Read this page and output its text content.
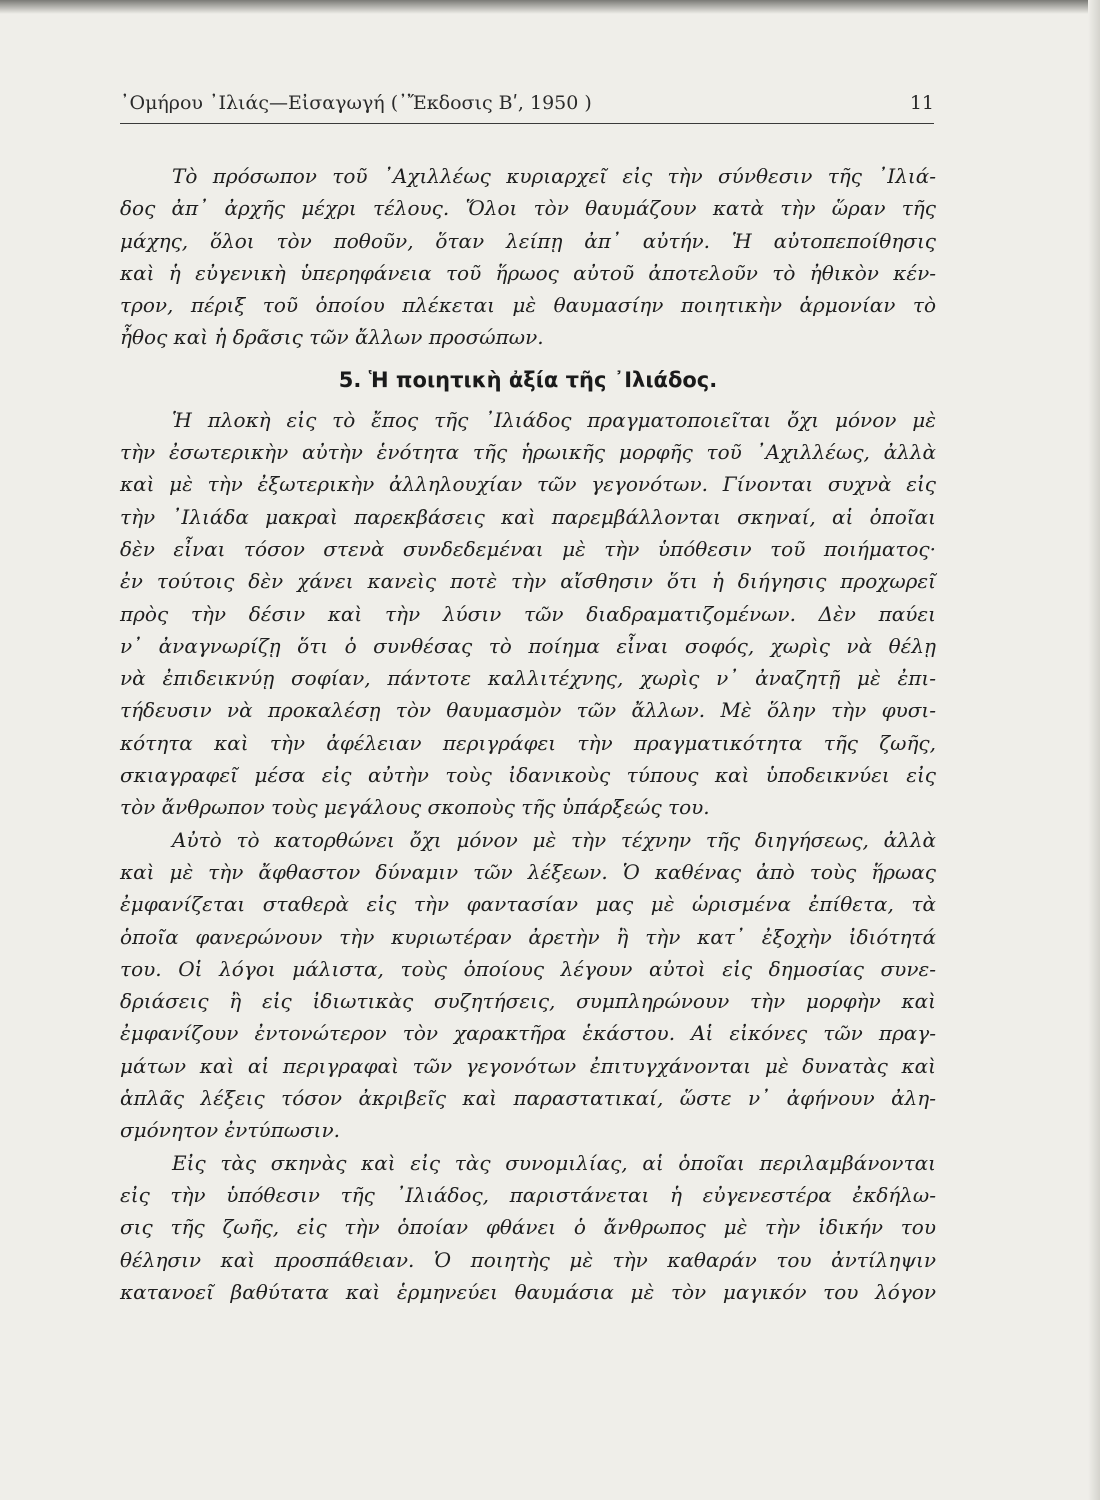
᾿Ομήρου ᾿Ιλιάς—Εἰσαγωγή (᾿Ἔκδοσις Βʹ, 1950 )	11
Τὸ πρόσωπον τοῦ ᾿Αχιλλέως κυριαρχεῖ εἰς τὴν σύνθεσιν τῆς ᾿Ιλιά-
δος ἀπ᾿ ἀρχῆς μέχρι τέλους. Ὅλοι τὸν θαυμάζουν κατὰ τὴν ὥραν τῆς
μάχης, ὅλοι τὸν ποθοῦν, ὅταν λείπῃ ἀπ᾿ αὐτήν. Ἡ αὐτοπεποίθησις
καὶ ἡ εὐγενικὴ ὑπερηφάνεια τοῦ ἥρωος αὐτοῦ ἀποτελοῦν τὸ ἠθικὸν κέν-
τρον, πέριξ τοῦ ὁποίου πλέκεται μὲ θαυμασίην ποιητικὴν ἁρμονίαν τὸ
ἦθος καὶ ἡ δρᾶσις τῶν ἄλλων προσώπων.
5. Ἡ ποιητικὴ ἀξία τῆς ᾿Ιλιάδος.
Ἡ πλοκὴ εἰς τὸ ἔπος τῆς ᾿Ιλιάδος πραγματοποιεῖται ὄχι μόνον μὲ
τὴν ἐσωτερικὴν αὐτὴν ἑνότητα τῆς ἡρωικῆς μορφῆς τοῦ ᾿Αχιλλέως, ἀλλὰ
καὶ μὲ τὴν ἐξωτερικὴν ἀλληλουχίαν τῶν γεγονότων. Γίνονται συχνὰ εἰς
τὴν ᾿Ιλιάδα μακραὶ παρεκβάσεις καὶ παρεμβάλλονται σκηναί, αἱ ὁποῖαι
δὲν εἶναι τόσον στενὰ συνδεδεμέναι μὲ τὴν ὑπόθεσιν τοῦ ποιήματος·
ἐν τούτοις δὲν χάνει κανεὶς ποτὲ τὴν αἴσθησιν ὅτι ἡ διήγησις προχωρεῖ
πρὸς τὴν δέσιν καὶ τὴν λύσιν τῶν διαδραματιζομένων. Δὲν παύει
ν᾿ ἀναγνωρίζῃ ὅτι ὁ συνθέσας τὸ ποίημα εἶναι σοφός, χωρὶς νὰ θέλῃ
νὰ ἐπιδεικνύῃ σοφίαν, πάντοτε καλλιτέχνης, χωρὶς ν᾿ ἀναζητῇ μὲ ἐπι-
τήδευσιν νὰ προκαλέσῃ τὸν θαυμασμὸν τῶν ἄλλων. Μὲ ὅλην τὴν φυσι-
κότητα καὶ τὴν ἀφέλειαν περιγράφει τὴν πραγματικότητα τῆς ζωῆς,
σκιαγραφεῖ μέσα εἰς αὐτὴν τοὺς ἰδανικοὺς τύπους καὶ ὑποδεικνύει εἰς
τὸν ἄνθρωπον τοὺς μεγάλους σκοποὺς τῆς ὑπάρξεώς του.
Αὐτὸ τὸ κατορθώνει ὄχι μόνον μὲ τὴν τέχνην τῆς διηγήσεως, ἀλλὰ
καὶ μὲ τὴν ἄφθαστον δύναμιν τῶν λέξεων. Ὁ καθένας ἀπὸ τοὺς ἥρωας
ἐμφανίζεται σταθερὰ εἰς τὴν φαντασίαν μας μὲ ὡρισμένα ἐπίθετα, τὰ
ὁποῖα φανερώνουν τὴν κυριωτέραν ἀρετὴν ἢ τὴν κατ᾿ ἐξοχὴν ἰδιότητά
του. Οἱ λόγοι μάλιστα, τοὺς ὁποίους λέγουν αὐτοὶ εἰς δημοσίας συνε-
δριάσεις ἢ εἰς ἰδιωτικὰς συζητήσεις, συμπληρώνουν τὴν μορφὴν καὶ
ἐμφανίζουν ἐντονώτερον τὸν χαρακτῆρα ἑκάστου. Αἱ εἰκόνες τῶν πραγ-
μάτων καὶ αἱ περιγραφαὶ τῶν γεγονότων ἐπιτυγχάνονται μὲ δυνατὰς καὶ
ἁπλᾶς λέξεις τόσον ἀκριβεῖς καὶ παραστατικαί, ὥστε ν᾿ ἀφήνουν ἀλη-
σμόνητον ἐντύπωσιν.
Εἰς τὰς σκηνὰς καὶ εἰς τὰς συνομιλίας, αἱ ὁποῖαι περιλαμβάνονται
εἰς τὴν ὑπόθεσιν τῆς ᾿Ιλιάδος, παριστάνεται ἡ εὐγενεστέρα ἐκδήλω-
σις τῆς ζωῆς, εἰς τὴν ὁποίαν φθάνει ὁ ἄνθρωπος μὲ τὴν ἰδικήν του
θέλησιν καὶ προσπάθειαν. Ὁ ποιητὴς μὲ τὴν καθαράν του ἀντίληψιν
κατανοεῖ βαθύτατα καὶ ἑρμηνεύει θαυμάσια μὲ τὸν μαγικόν του λόγον
